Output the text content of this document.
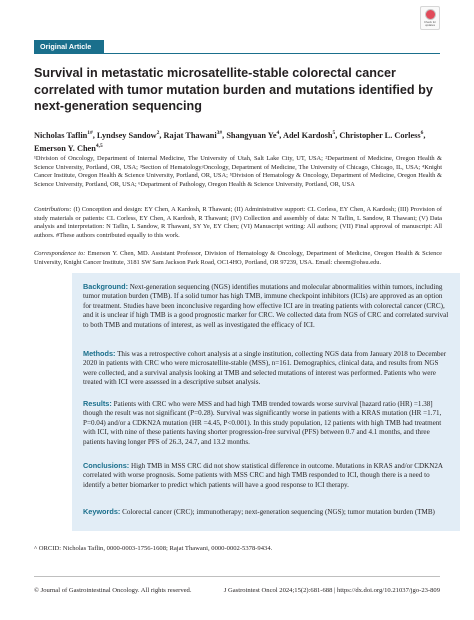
Original Article
Check for updates
Survival in metastatic microsatellite-stable colorectal cancer correlated with tumor mutation burden and mutations identified by next-generation sequencing
Nicholas Taflin$^{1\#}$, Lyndsey Sandow$^2$, Rajat Thawani$^{3\#}$, Shangyuan Ye$^4$, Adel Kardosh$^5$, Christopher L. Corless$^6$, Emerson Y. Chen$^{4,5}$
¹Division of Oncology, Department of Internal Medicine, The University of Utah, Salt Lake City, UT, USA; ²Department of Medicine, Oregon Health & Science University, Portland, OR, USA; ³Section of Hematology/Oncology, Department of Medicine, The University of Chicago, Chicago, IL, USA; ⁴Knight Cancer Institute, Oregon Health & Science University, Portland, OR, USA; ⁵Division of Hematology & Oncology, Department of Medicine, Oregon Health & Science University, Portland, OR, USA; ⁶Department of Pathology, Oregon Health & Science University, Portland, OR, USA
Contributions: (I) Conception and design: EY Chen, A Kardosh, R Thawani; (II) Administrative support: CL Corless, EY Chen, A Kardosh; (III) Provision of study materials or patients: CL Corless, EY Chen, A Kardosh, R Thawani; (IV) Collection and assembly of data: N Taflin, L Sandow, R Thawani; (V) Data analysis and interpretation: N Taflin, L Sandow, R Thawani, SY Ye, EY Chen; (VI) Manuscript writing: All authors; (VII) Final approval of manuscript: All authors. #These authors contributed equally to this work.
Correspondence to: Emerson Y. Chen, MD. Assistant Professor, Division of Hematology & Oncology, Department of Medicine, Oregon Health & Science University, Knight Cancer Institute, 3181 SW Sam Jackson Park Road, OC14HO, Portland, OR 97239, USA. Email: cheem@ohsu.edu.
Background: Next-generation sequencing (NGS) identifies mutations and molecular abnormalities within tumors, including tumor mutation burden (TMB). If a solid tumor has high TMB, immune checkpoint inhibitors (ICIs) are approved as an option for treatment. Studies have been inconclusive regarding how effective ICI are in treating patients with colorectal cancer (CRC), and it is unclear if high TMB is a good prognostic marker for CRC. We collected data from NGS of CRC and correlated survival to both TMB and mutations of interest, as well as investigated the efficacy of ICI.
Methods: This was a retrospective cohort analysis at a single institution, collecting NGS data from January 2018 to December 2020 in patients with CRC who were microsatellite-stable (MSS), n=161. Demographics, clinical data, and results from NGS were collected, and a survival analysis looking at TMB and selected mutations of interest was performed. Patients who were treated with ICI were assessed in a descriptive subset analysis.
Results: Patients with CRC who were MSS and had high TMB trended towards worse survival [hazard ratio (HR) =1.38] though the result was not significant (P=0.28). Survival was significantly worse in patients with a KRAS mutation (HR =1.71, P=0.04) and/or a CDKN2A mutation (HR =4.45, P<0.001). In this study population, 12 patients with high TMB had treatment with ICI, with nine of these patients having shorter progression-free survival (PFS) between 0.7 and 4.1 months, and three patients having longer PFS of 26.3, 24.7, and 13.2 months.
Conclusions: High TMB in MSS CRC did not show statistical difference in outcome. Mutations in KRAS and/or CDKN2A correlated with worse prognosis. Some patients with MSS CRC and high TMB responded to ICI, though there is a need to identify a better biomarker to predict which patients will have a good response to ICI therapy.
Keywords: Colorectal cancer (CRC); immunotherapy; next-generation sequencing (NGS); tumor mutation burden (TMB)
^ ORCID: Nicholas Taflin, 0000-0003-1756-1608; Rajat Thawani, 0000-0002-5378-9434.
© Journal of Gastrointestinal Oncology. All rights reserved.	J Gastrointest Oncol 2024;15(2):681-688 | https://dx.doi.org/10.21037/jgo-23-809
